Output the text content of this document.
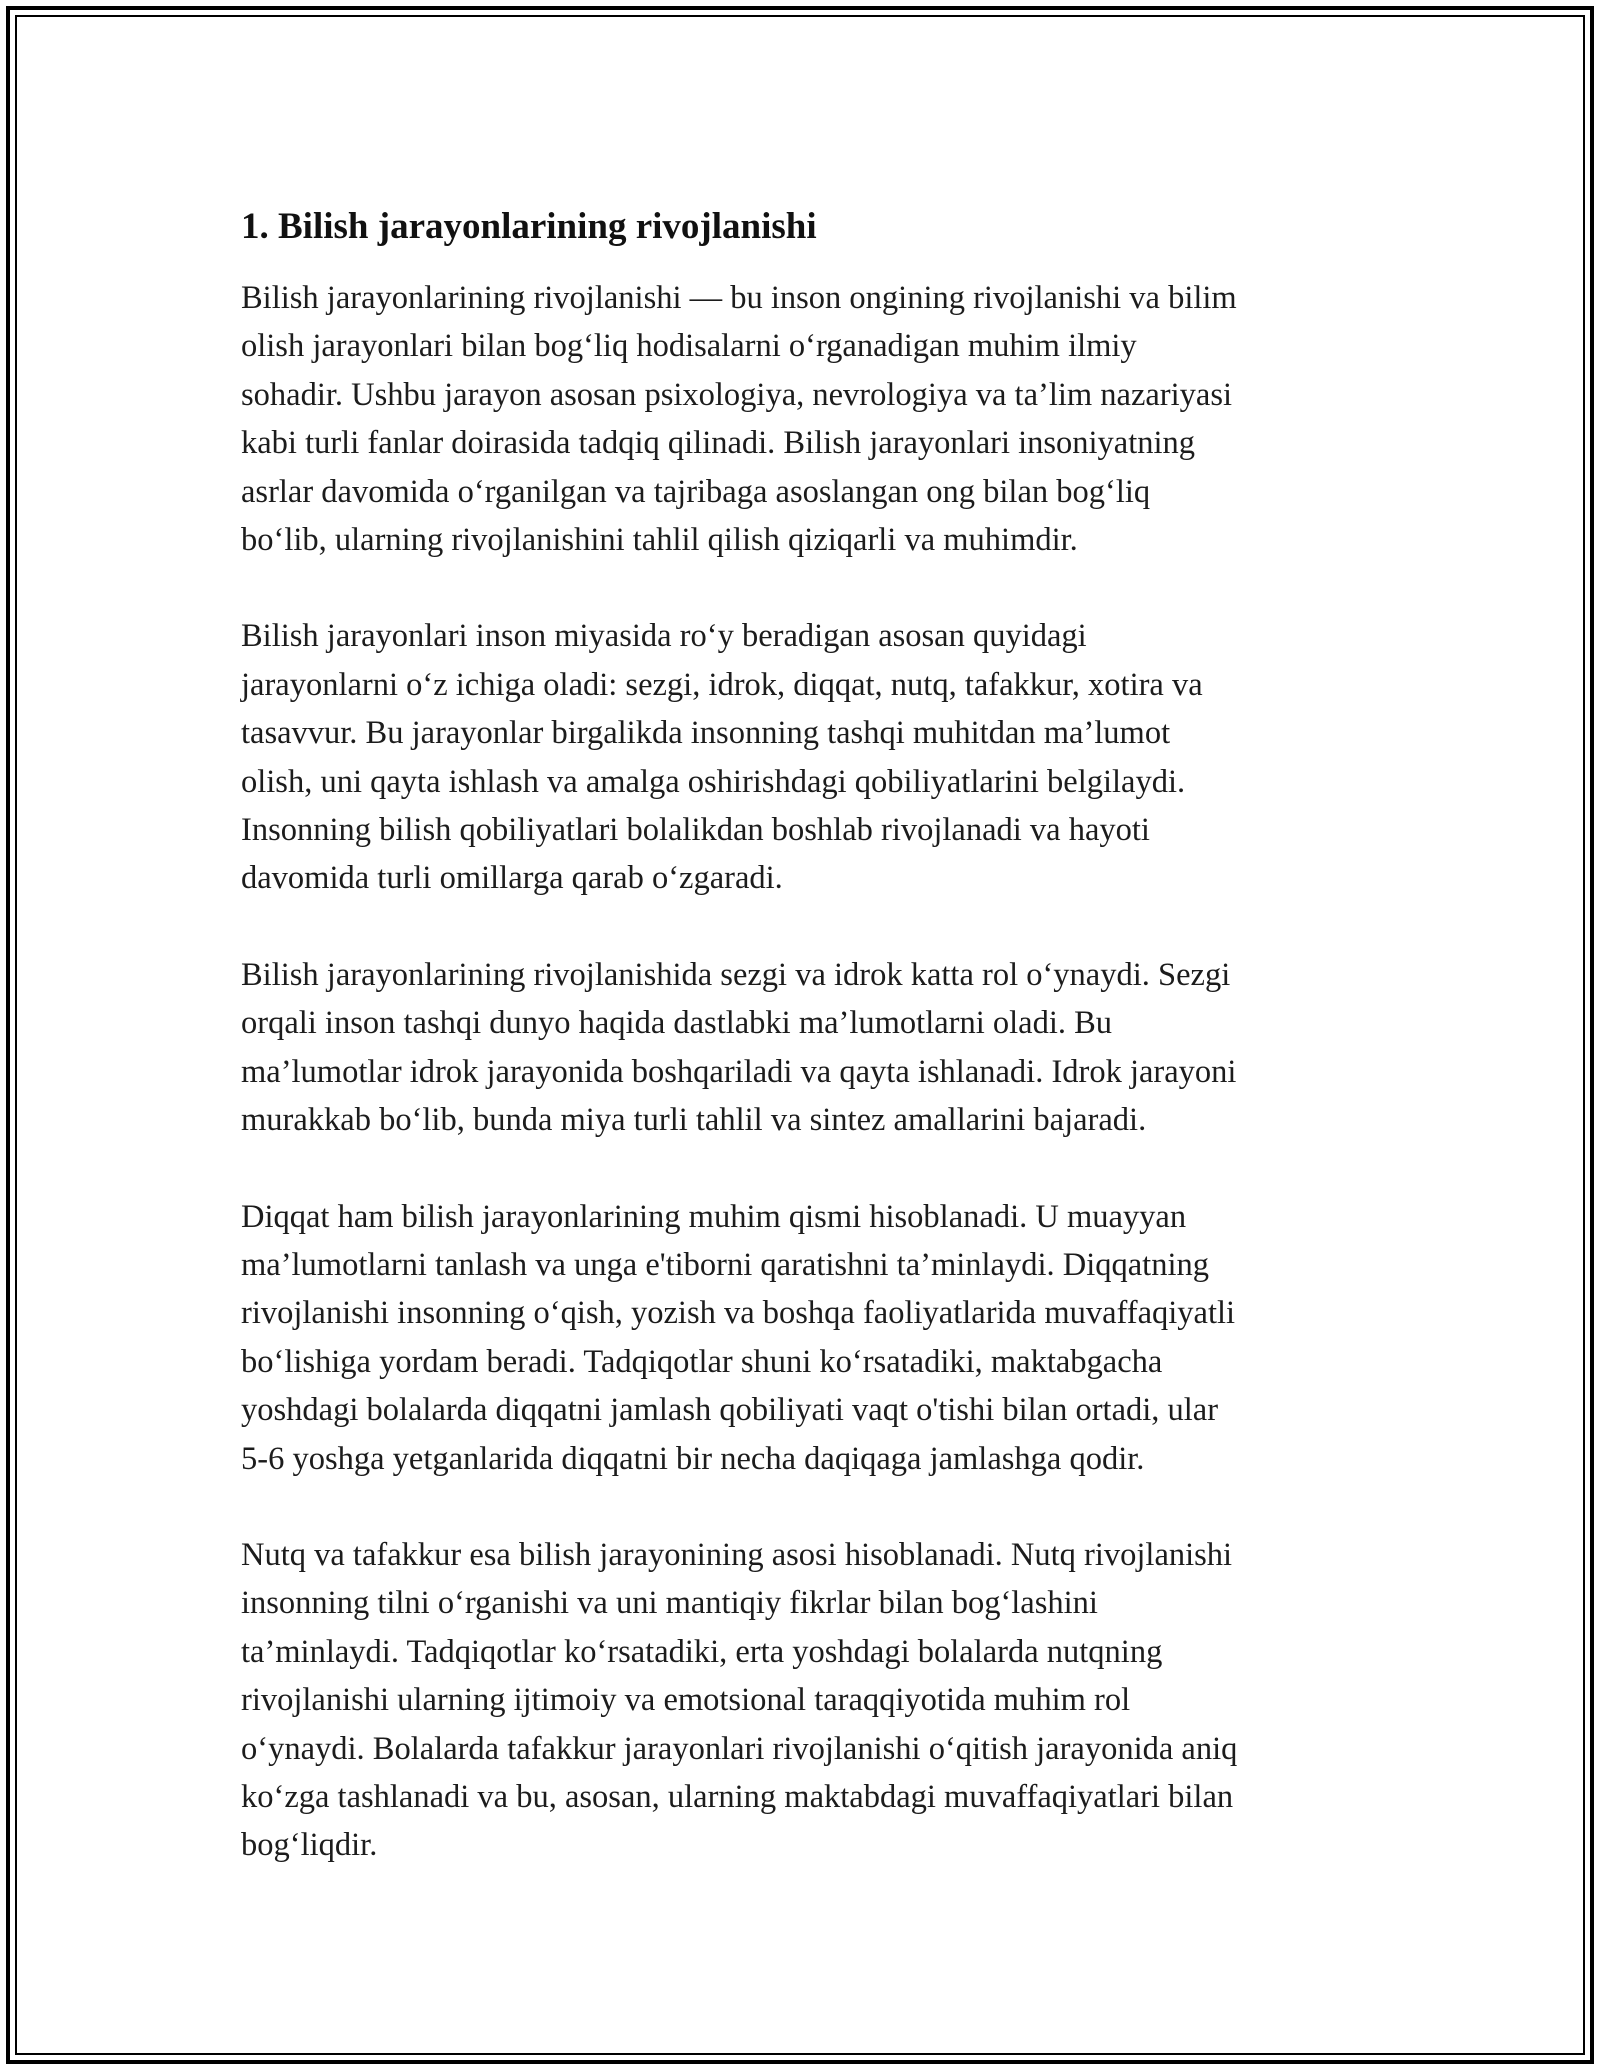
1. Bilish jarayonlarining rivojlanishi

Bilish jarayonlarining rivojlanishi — bu inson ongining rivojlanishi va bilim
olish jarayonlari bilan bog‘liq hodisalarni o‘rganadigan muhim ilmiy
sohadir. Ushbu jarayon asosan psixologiya, nevrologiya va ta’lim nazariyasi
kabi turli fanlar doirasida tadqiq qilinadi. Bilish jarayonlari insoniyatning
asrlar davomida o‘rganilgan va tajribaga asoslangan ong bilan bog‘liq
bo‘lib, ularning rivojlanishini tahlil qilish qiziqarli va muhimdir.

Bilish jarayonlari inson miyasida ro‘y beradigan asosan quyidagi
jarayonlarni o‘z ichiga oladi: sezgi, idrok, diqqat, nutq, tafakkur, xotira va
tasavvur. Bu jarayonlar birgalikda insonning tashqi muhitdan ma’lumot
olish, uni qayta ishlash va amalga oshirishdagi qobiliyatlarini belgilaydi.
Insonning bilish qobiliyatlari bolalikdan boshlab rivojlanadi va hayoti
davomida turli omillarga qarab o‘zgaradi.

Bilish jarayonlarining rivojlanishida sezgi va idrok katta rol o‘ynaydi. Sezgi
orqali inson tashqi dunyo haqida dastlabki ma’lumotlarni oladi. Bu
ma’lumotlar idrok jarayonida boshqariladi va qayta ishlanadi. Idrok jarayoni
murakkab bo‘lib, bunda miya turli tahlil va sintez amallarini bajaradi.

Diqqat ham bilish jarayonlarining muhim qismi hisoblanadi. U muayyan
ma’lumotlarni tanlash va unga e'tiborni qaratishni ta’minlaydi. Diqqatning
rivojlanishi insonning o‘qish, yozish va boshqa faoliyatlarida muvaffaqiyatli
bo‘lishiga yordam beradi. Tadqiqotlar shuni ko‘rsatadiki, maktabgacha
yoshdagi bolalarda diqqatni jamlash qobiliyati vaqt o'tishi bilan ortadi, ular
5-6 yoshga yetganlarida diqqatni bir necha daqiqaga jamlashga qodir.

Nutq va tafakkur esa bilish jarayonining asosi hisoblanadi. Nutq rivojlanishi
insonning tilni o‘rganishi va uni mantiqiy fikrlar bilan bog‘lashini
ta’minlaydi. Tadqiqotlar ko‘rsatadiki, erta yoshdagi bolalarda nutqning
rivojlanishi ularning ijtimoiy va emotsional taraqqiyotida muhim rol
o‘ynaydi. Bolalarda tafakkur jarayonlari rivojlanishi o‘qitish jarayonida aniq
ko‘zga tashlanadi va bu, asosan, ularning maktabdagi muvaffaqiyatlari bilan
bog‘liqdir.
